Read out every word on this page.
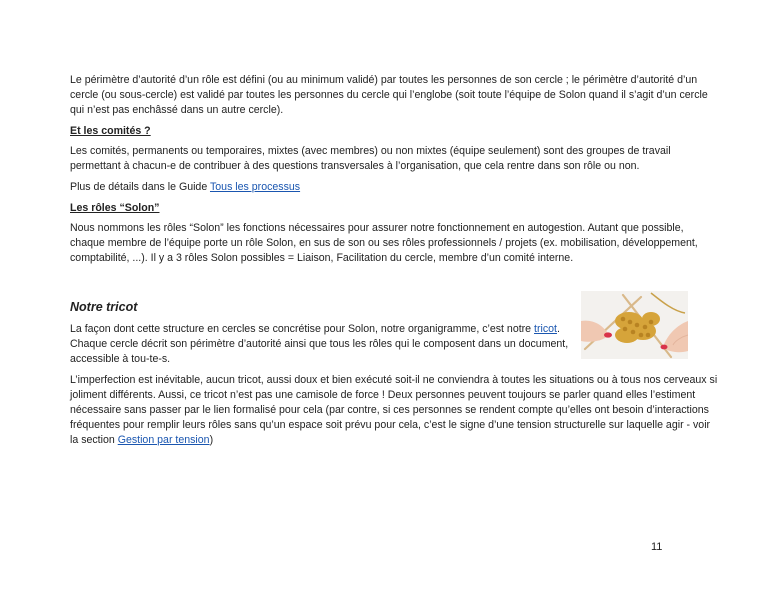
Le périmètre d’autorité d’un rôle est défini (ou au minimum validé) par toutes les personnes de son cercle ; le périmètre d’autorité d’un cercle (ou sous-cercle) est validé par toutes les personnes du cercle qui l’englobe (soit toute l’équipe de Solon quand il s’agit d’un cercle qui n’est pas enchâssé dans un autre cercle).

Et les comités ?

Les comités, permanents ou temporaires, mixtes (avec membres) ou non mixtes (équipe seulement) sont des groupes de travail permettant à chacun-e de contribuer à des questions transversales à l’organisation, que cela rentre dans son rôle ou non.

Plus de détails dans le Guide Tous les processus

Les rôles “Solon”

Nous nommons les rôles “Solon” les fonctions nécessaires pour assurer notre fonctionnement en autogestion. Autant que possible, chaque membre de l’équipe porte un rôle Solon, en sus de son ou ses rôles professionnels / projets (ex. mobilisation, développement, comptabilité, ...). Il y a 3 rôles Solon possibles = Liaison, Facilitation du cercle, membre d’un comité interne.

Notre tricot

La façon dont cette structure en cercles se concrétise pour Solon, notre organigramme, c’est notre tricot. Chaque cercle décrit son périmètre d’autorité ainsi que tous les rôles qui le composent dans un document, accessible à tou-te-s.

L’imperfection est inévitable, aucun tricot, aussi doux et bien exécuté soit-il ne conviendra à toutes les situations ou à tous nos cerveaux si joliment différents. Aussi, ce tricot n’est pas une camisole de force ! Deux personnes peuvent toujours se parler quand elles l’estiment nécessaire sans passer par le lien formalisé pour cela (par contre, si ces personnes se rendent compte qu’elles ont besoin d’interactions fréquentes pour remplir leurs rôles sans qu’un espace soit prévu pour cela, c’est le signe d’une tension structurelle sur laquelle agir - voir la section Gestion par tension)

11
